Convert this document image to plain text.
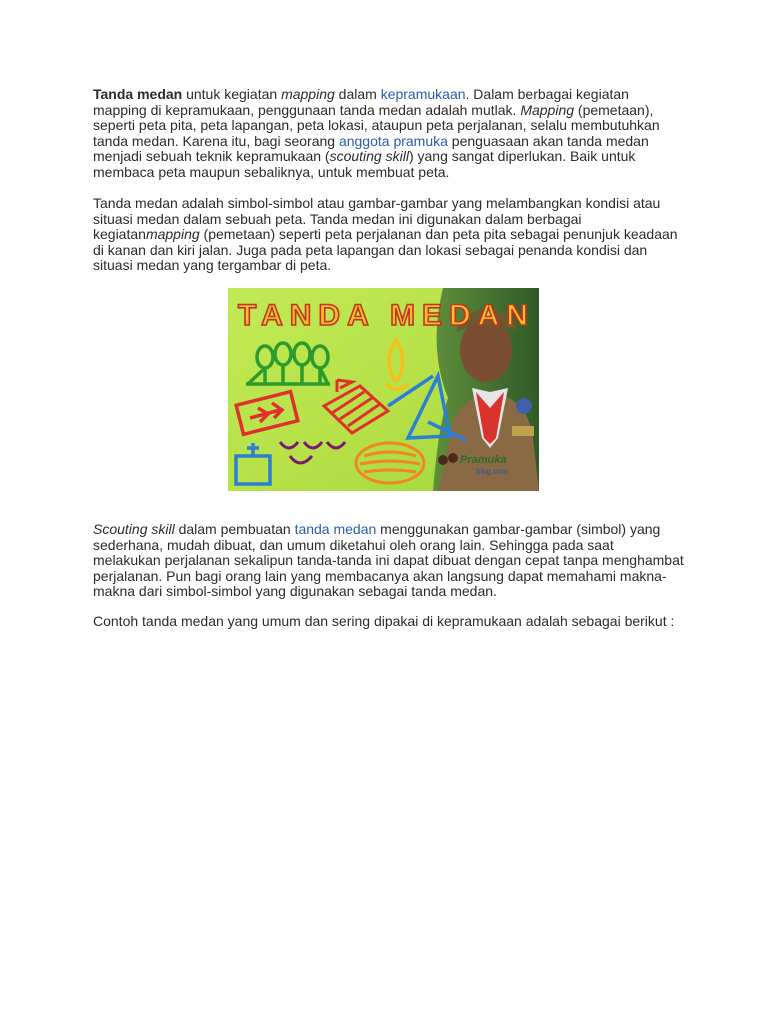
Tanda medan untuk kegiatan mapping dalam kepramukaan. Dalam berbagai kegiatan mapping di kepramukaan, penggunaan tanda medan adalah mutlak. Mapping (pemetaan), seperti peta pita, peta lapangan, peta lokasi, ataupun peta perjalanan, selalu membutuhkan tanda medan. Karena itu, bagi seorang anggota pramuka penguasaan akan tanda medan menjadi sebuah teknik kepramukaan (scouting skill) yang sangat diperlukan. Baik untuk membaca peta maupun sebaliknya, untuk membuat peta.

Tanda medan adalah simbol-simbol atau gambar-gambar yang melambangkan kondisi atau situasi medan dalam sebuah peta. Tanda medan ini digunakan dalam berbagai kegiatanmapping (pemetaan) seperti peta perjalanan dan peta pita sebagai penunjuk keadaan di kanan dan kiri jalan. Juga pada peta lapangan dan lokasi sebagai penanda kondisi dan situasi medan yang tergambar di peta.

TANDA MEDAN
Pramuka
blog.com

Scouting skill dalam pembuatan tanda medan menggunakan gambar-gambar (simbol) yang sederhana, mudah dibuat, dan umum diketahui oleh orang lain. Sehingga pada saat melakukan perjalanan sekalipun tanda-tanda ini dapat dibuat dengan cepat tanpa menghambat perjalanan. Pun bagi orang lain yang membacanya akan langsung dapat memahami makna-makna dari simbol-simbol yang digunakan sebagai tanda medan.

Contoh tanda medan yang umum dan sering dipakai di kepramukaan adalah sebagai berikut :
